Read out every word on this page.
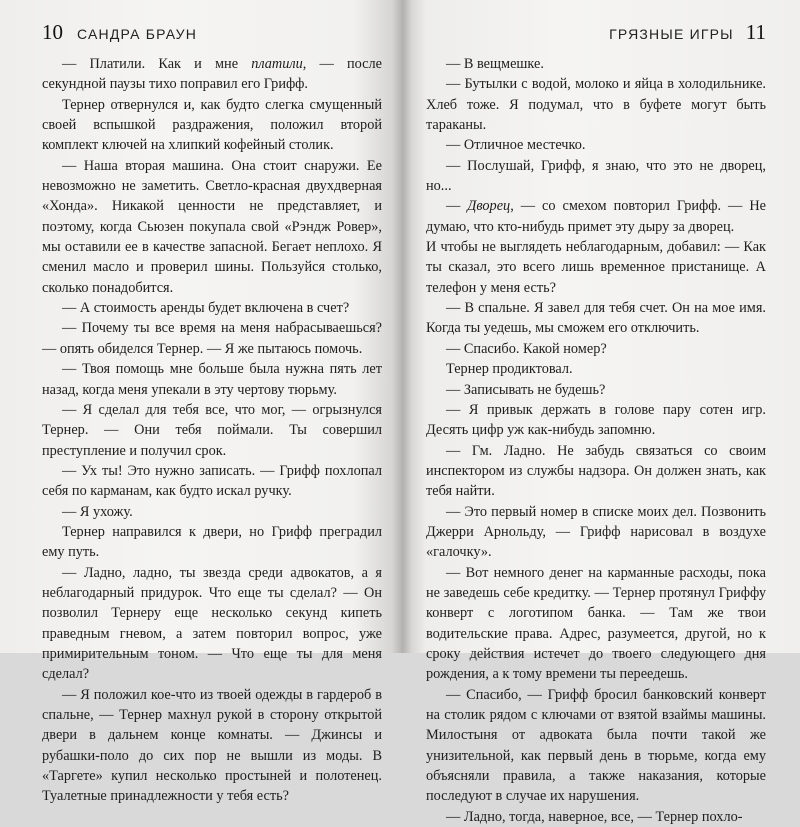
10 САНДРА БРАУН

— Платили. Как и мне платили, — после секундной паузы тихо поправил его Грифф.

Тернер отвернулся и, как будто слегка смущенный своей вспышкой раздражения, положил второй комплект ключей на хлипкий кофейный столик.

— Наша вторая машина. Она стоит снаружи. Ее невозможно не заметить. Светло-красная двухдверная «Хонда». Никакой ценности не представляет, и поэтому, когда Сьюзен покупала свой «Рэндж Ровер», мы оставили ее в качестве запасной. Бегает неплохо. Я сменил масло и проверил шины. Пользуйся столько, сколько понадобится.

— А стоимость аренды будет включена в счет?

— Почему ты все время на меня набрасываешься? — опять обиделся Тернер. — Я же пытаюсь помочь.

— Твоя помощь мне больше была нужна пять лет назад, когда меня упекали в эту чертову тюрьму.

— Я сделал для тебя все, что мог, — огрызнулся Тернер. — Они тебя поймали. Ты совершил преступление и получил срок.

— Ух ты! Это нужно записать. — Грифф похлопал себя по карманам, как будто искал ручку.

— Я ухожу.

Тернер направился к двери, но Грифф преградил ему путь.

— Ладно, ладно, ты звезда среди адвокатов, а я неблагодарный придурок. Что еще ты сделал? — Он позволил Тернеру еще несколько секунд кипеть праведным гневом, а затем повторил вопрос, уже примирительным тоном. — Что еще ты для меня сделал?

— Я положил кое-что из твоей одежды в гардероб в спальне, — Тернер махнул рукой в сторону открытой двери в дальнем конце комнаты. — Джинсы и рубашки-поло до сих пор не вышли из моды. В «Таргете» купил несколько простыней и полотенец. Туалетные принадлежности у тебя есть?

ГРЯЗНЫЕ ИГРЫ 11

— В вещмешке.

— Бутылки с водой, молоко и яйца в холодильнике. Хлеб тоже. Я подумал, что в буфете могут быть тараканы.

— Отличное местечко.

— Послушай, Грифф, я знаю, что это не дворец, но...

— Дворец, — со смехом повторил Грифф. — Не думаю, что кто-нибудь примет эту дыру за дворец.

И чтобы не выглядеть неблагодарным, добавил: — Как ты сказал, это всего лишь временное пристанище. А телефон у меня есть?

— В спальне. Я завел для тебя счет. Он на мое имя. Когда ты уедешь, мы сможем его отключить.

— Спасибо. Какой номер?

Тернер продиктовал.

— Записывать не будешь?

— Я привык держать в голове пару сотен игр. Десять цифр уж как-нибудь запомню.

— Гм. Ладно. Не забудь связаться со своим инспектором из службы надзора. Он должен знать, как тебя найти.

— Это первый номер в списке моих дел. Позвонить Джерри Арнольду, — Грифф нарисовал в воздухе «галочку».

— Вот немного денег на карманные расходы, пока не заведешь себе кредитку. — Тернер протянул Гриффу конверт с логотипом банка. — Там же твои водительские права. Адрес, разумеется, другой, но к сроку действия истечет до твоего следующего дня рождения, а к тому времени ты переедешь.

— Спасибо, — Грифф бросил банковский конверт на столик рядом с ключами от взятой взаймы машины. Милостыня от адвоката была почти такой же унизительной, как первый день в тюрьме, когда ему объясняли правила, а также наказания, которые последуют в случае их нарушения.

— Ладно, тогда, наверное, все, — Тернер похло-
